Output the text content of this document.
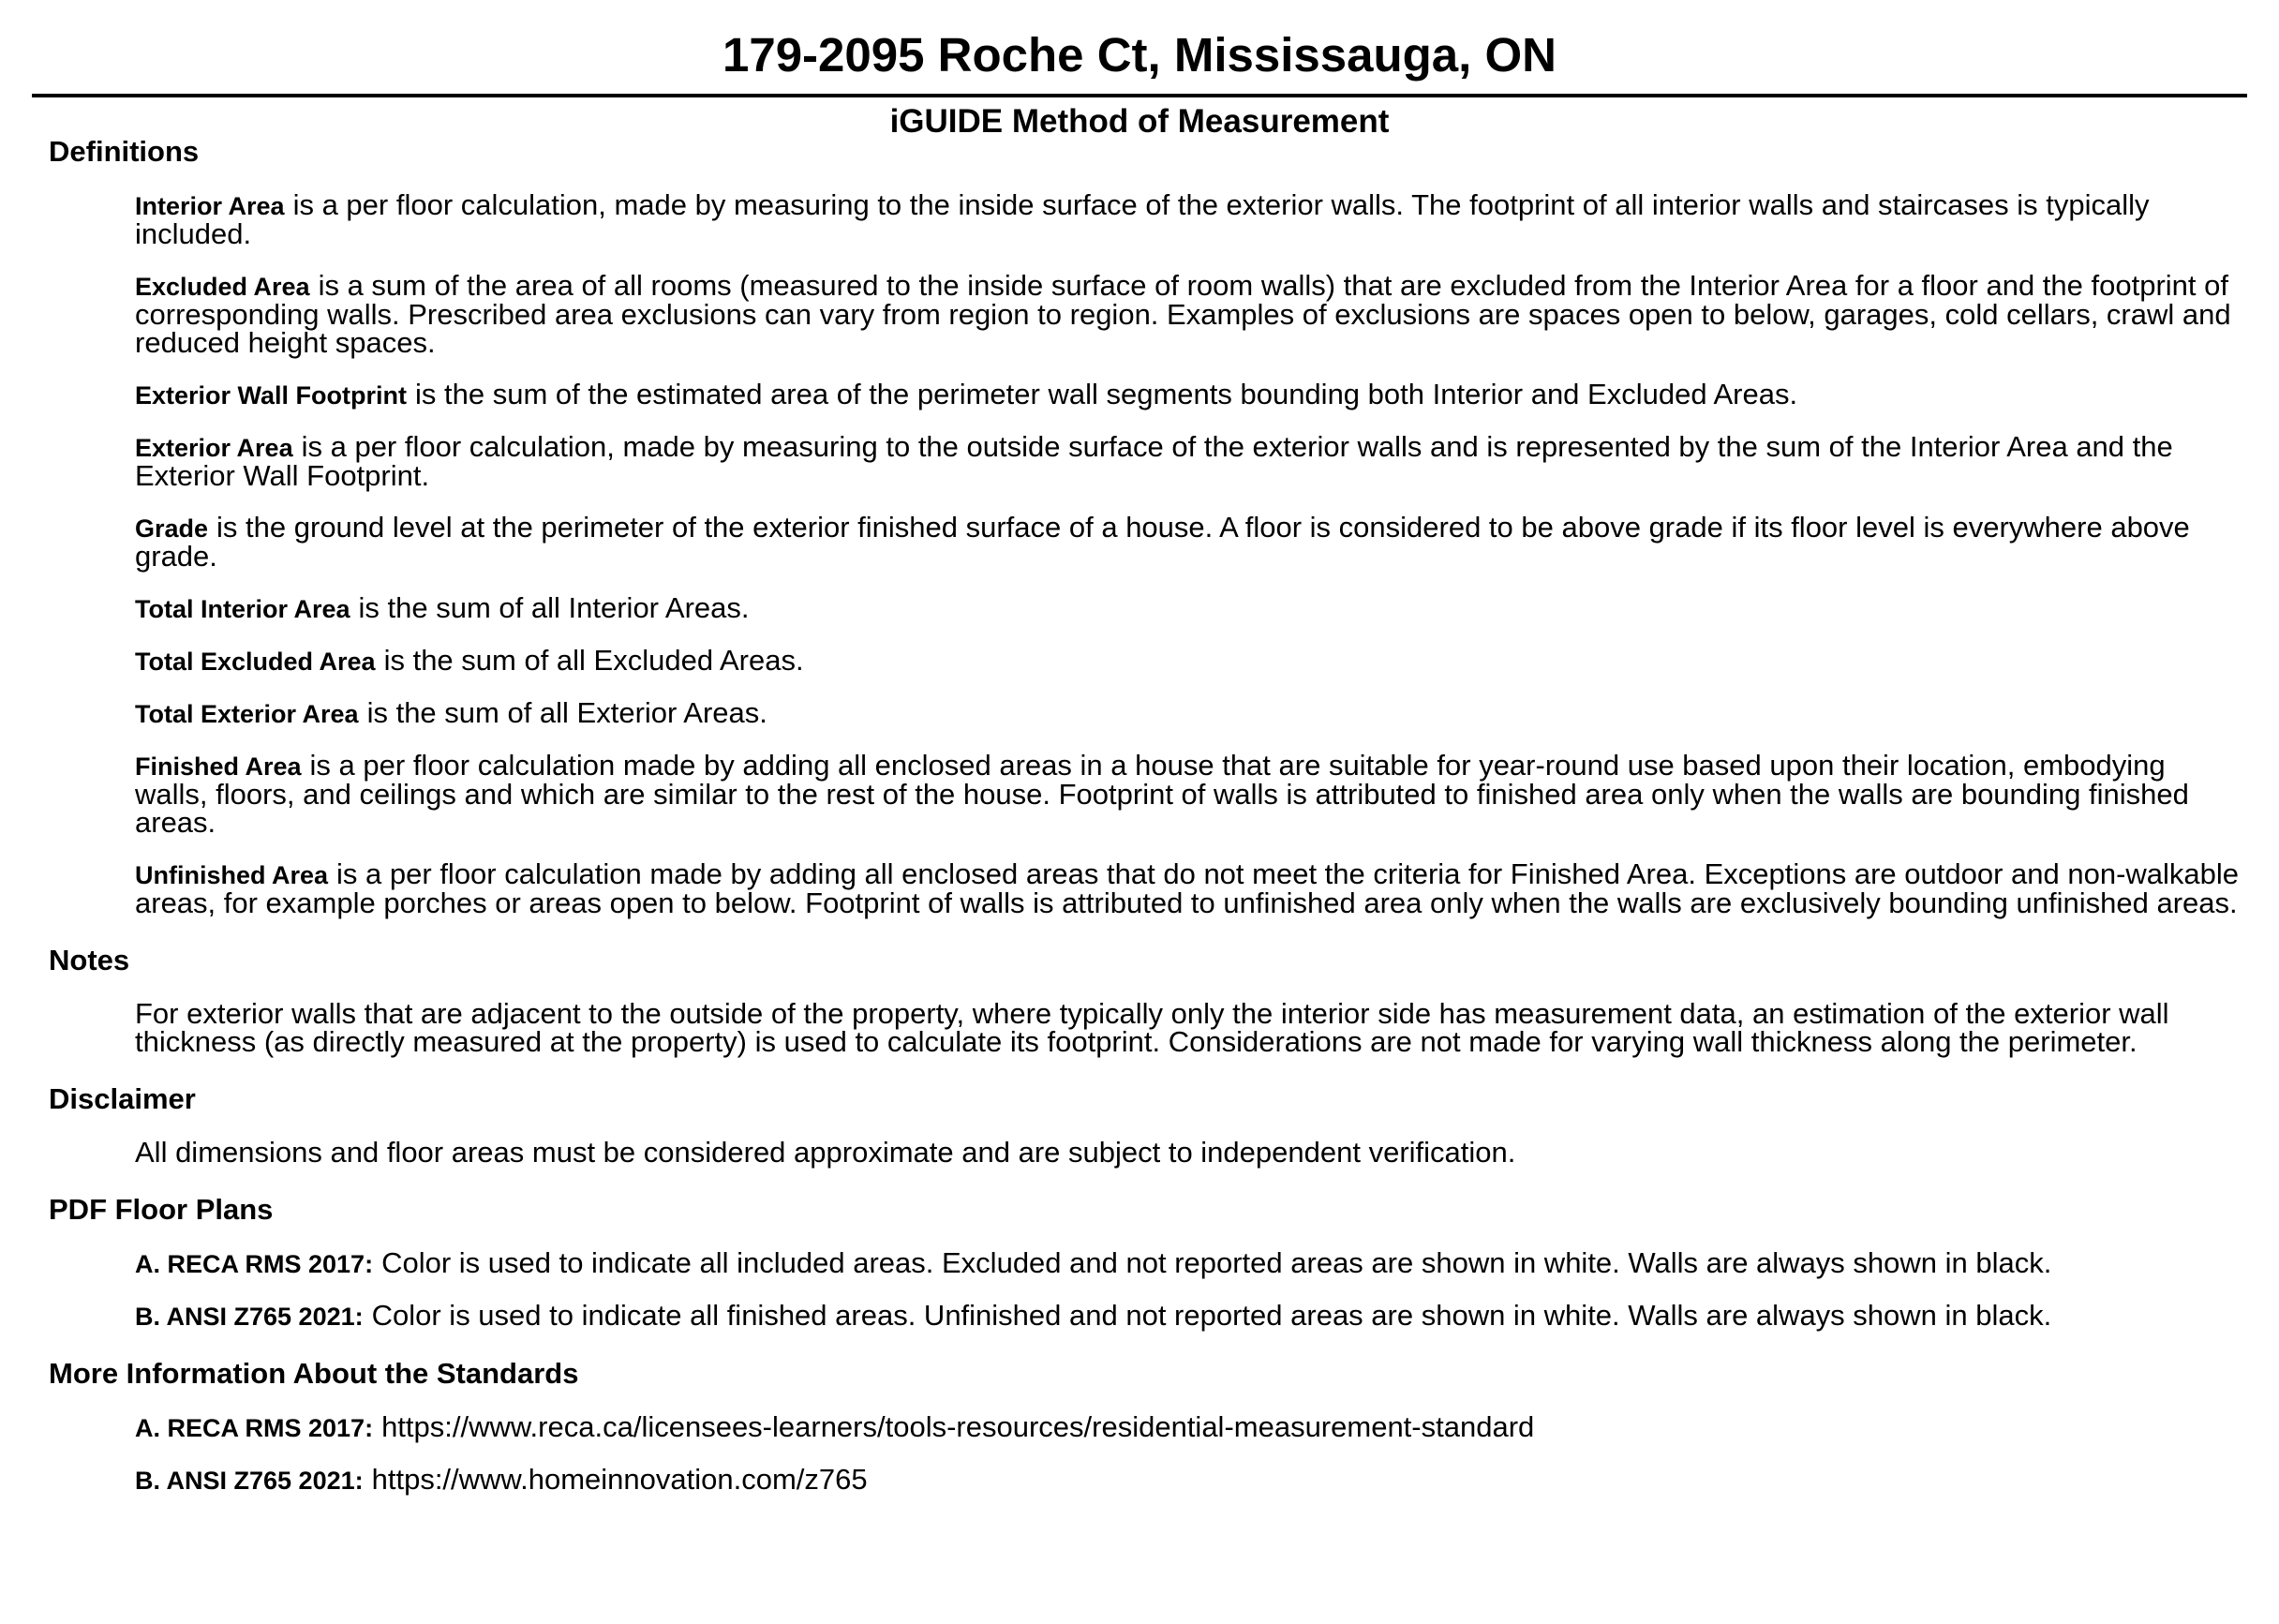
179-2095 Roche Ct, Mississauga, ON
iGUIDE Method of Measurement
Definitions

Interior Area is a per floor calculation, made by measuring to the inside surface of the exterior walls. The footprint of all interior walls and staircases is typically included.

Excluded Area is a sum of the area of all rooms (measured to the inside surface of room walls) that are excluded from the Interior Area for a floor and the footprint of corresponding walls. Prescribed area exclusions can vary from region to region. Examples of exclusions are spaces open to below, garages, cold cellars, crawl and reduced height spaces.

Exterior Wall Footprint is the sum of the estimated area of the perimeter wall segments bounding both Interior and Excluded Areas.

Exterior Area is a per floor calculation, made by measuring to the outside surface of the exterior walls and is represented by the sum of the Interior Area and the Exterior Wall Footprint.

Grade is the ground level at the perimeter of the exterior finished surface of a house. A floor is considered to be above grade if its floor level is everywhere above grade.

Total Interior Area is the sum of all Interior Areas.

Total Excluded Area is the sum of all Excluded Areas.

Total Exterior Area is the sum of all Exterior Areas.

Finished Area is a per floor calculation made by adding all enclosed areas in a house that are suitable for year-round use based upon their location, embodying walls, floors, and ceilings and which are similar to the rest of the house. Footprint of walls is attributed to finished area only when the walls are bounding finished areas.

Unfinished Area is a per floor calculation made by adding all enclosed areas that do not meet the criteria for Finished Area. Exceptions are outdoor and non-walkable areas, for example porches or areas open to below. Footprint of walls is attributed to unfinished area only when the walls are exclusively bounding unfinished areas.

Notes

For exterior walls that are adjacent to the outside of the property, where typically only the interior side has measurement data, an estimation of the exterior wall thickness (as directly measured at the property) is used to calculate its footprint. Considerations are not made for varying wall thickness along the perimeter.

Disclaimer

All dimensions and floor areas must be considered approximate and are subject to independent verification.

PDF Floor Plans

A. RECA RMS 2017: Color is used to indicate all included areas. Excluded and not reported areas are shown in white. Walls are always shown in black.

B. ANSI Z765 2021: Color is used to indicate all finished areas. Unfinished and not reported areas are shown in white. Walls are always shown in black.

More Information About the Standards

A. RECA RMS 2017: https://www.reca.ca/licensees-learners/tools-resources/residential-measurement-standard

B. ANSI Z765 2021: https://www.homeinnovation.com/z765
